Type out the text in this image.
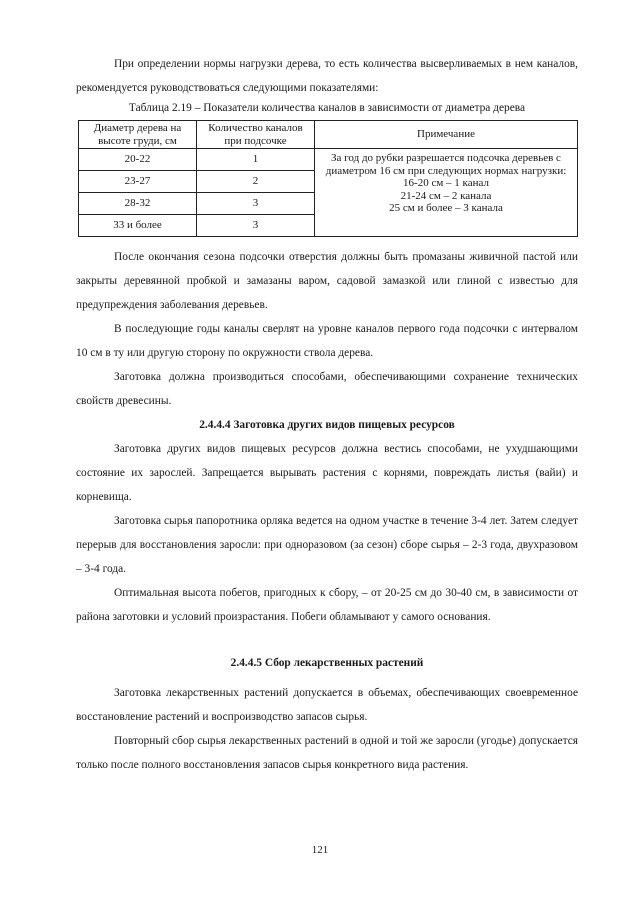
При определении нормы нагрузки дерева, то есть количества высверливаемых в нем каналов, рекомендуется руководствоваться следующими показателями:

Таблица 2.19 – Показатели количества каналов в зависимости от диаметра дерева

Диаметр дерева на высоте груди, см	Количество каналов при подсочке	Примечание
20-22	1	За год до рубки разрешается подсочка деревьев с диаметром 16 см при следующих нормах нагрузки:
16-20 см – 1 канал
21-24 см – 2 канала
25 см и более – 3 канала

23-27	2	
28-32	3	
33 и более	3	

После окончания сезона подсочки отверстия должны быть промазаны живичной пастой или закрыты деревянной пробкой и замазаны варом, садовой замазкой или глиной с известью для предупреждения заболевания деревьев.

В последующие годы каналы сверлят на уровне каналов первого года подсочки с интервалом 10 см в ту или другую сторону по окружности ствола дерева.

Заготовка должна производиться способами, обеспечивающими сохранение технических свойств древесины.

2.4.4.4 Заготовка других видов пищевых ресурсов

Заготовка других видов пищевых ресурсов должна вестись способами, не ухудшающими состояние их зарослей. Запрещается вырывать растения с корнями, повреждать листья (вайи) и корневища.

Заготовка сырья папоротника орляка ведется на одном участке в течение 3-4 лет. Затем следует перерыв для восстановления заросли: при одноразовом (за сезон) сборе сырья – 2-3 года, двухразовом – 3-4 года.

Оптимальная высота побегов, пригодных к сбору, – от 20-25 см до 30-40 см, в зависимости от района заготовки и условий произрастания. Побеги обламывают у самого основания.

2.4.4.5 Сбор лекарственных растений

Заготовка лекарственных растений допускается в объемах, обеспечивающих своевременное восстановление растений и воспроизводство запасов сырья.

Повторный сбор сырья лекарственных растений в одной и той же заросли (угодье) допускается только после полного восстановления запасов сырья конкретного вида растения.

121
